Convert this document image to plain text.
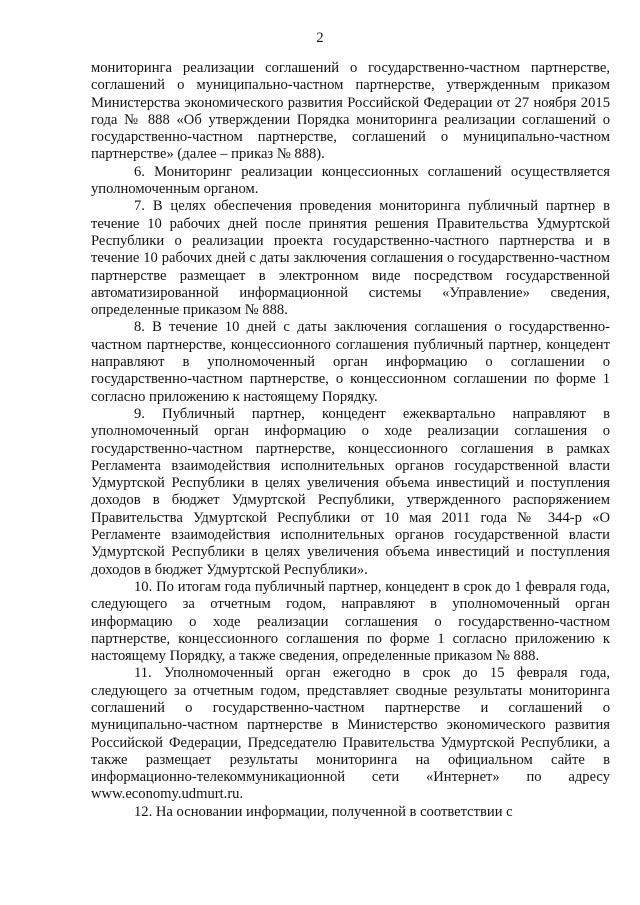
2

мониторинга реализации соглашений о государственно-частном партнерстве, соглашений о муниципально-частном партнерстве, утвержденным приказом Министерства экономического развития Российской Федерации от 27 ноября 2015 года № 888 «Об утверждении Порядка мониторинга реализации соглашений о государственно-частном партнерстве, соглашений о муниципально-частном партнерстве» (далее – приказ № 888).

6. Мониторинг реализации концессионных соглашений осуществляется уполномоченным органом.

7. В целях обеспечения проведения мониторинга публичный партнер в течение 10 рабочих дней после принятия решения Правительства Удмуртской Республики о реализации проекта государственно-частного партнерства и в течение 10 рабочих дней с даты заключения соглашения о государственно-частном партнерстве размещает в электронном виде посредством государственной автоматизированной информационной системы «Управление» сведения, определенные приказом № 888.

8. В течение 10 дней с даты заключения соглашения о государственно-частном партнерстве, концессионного соглашения публичный партнер, концедент направляют в уполномоченный орган информацию о соглашении о государственно-частном партнерстве, о концессионном соглашении по форме 1 согласно приложению к настоящему Порядку.

9. Публичный партнер, концедент ежеквартально направляют в уполномоченный орган информацию о ходе реализации соглашения о государственно-частном партнерстве, концессионного соглашения в рамках Регламента взаимодействия исполнительных органов государственной власти Удмуртской Республики в целях увеличения объема инвестиций и поступления доходов в бюджет Удмуртской Республики, утвержденного распоряжением Правительства Удмуртской Республики от 10 мая 2011 года № 344-р «О Регламенте взаимодействия исполнительных органов государственной власти Удмуртской Республики в целях увеличения объема инвестиций и поступления доходов в бюджет Удмуртской Республики».

10. По итогам года публичный партнер, концедент в срок до 1 февраля года, следующего за отчетным годом, направляют в уполномоченный орган информацию о ходе реализации соглашения о государственно-частном партнерстве, концессионного соглашения по форме 1 согласно приложению к настоящему Порядку, а также сведения, определенные приказом № 888.

11. Уполномоченный орган ежегодно в срок до 15 февраля года, следующего за отчетным годом, представляет сводные результаты мониторинга соглашений о государственно-частном партнерстве и соглашений о муниципально-частном партнерстве в Министерство экономического развития Российской Федерации, Председателю Правительства Удмуртской Республики, а также размещает результаты мониторинга на официальном сайте в информационно-телекоммуникационной сети «Интернет» по адресу www.economy.udmurt.ru.

12. На основании информации, полученной в соответствии с
